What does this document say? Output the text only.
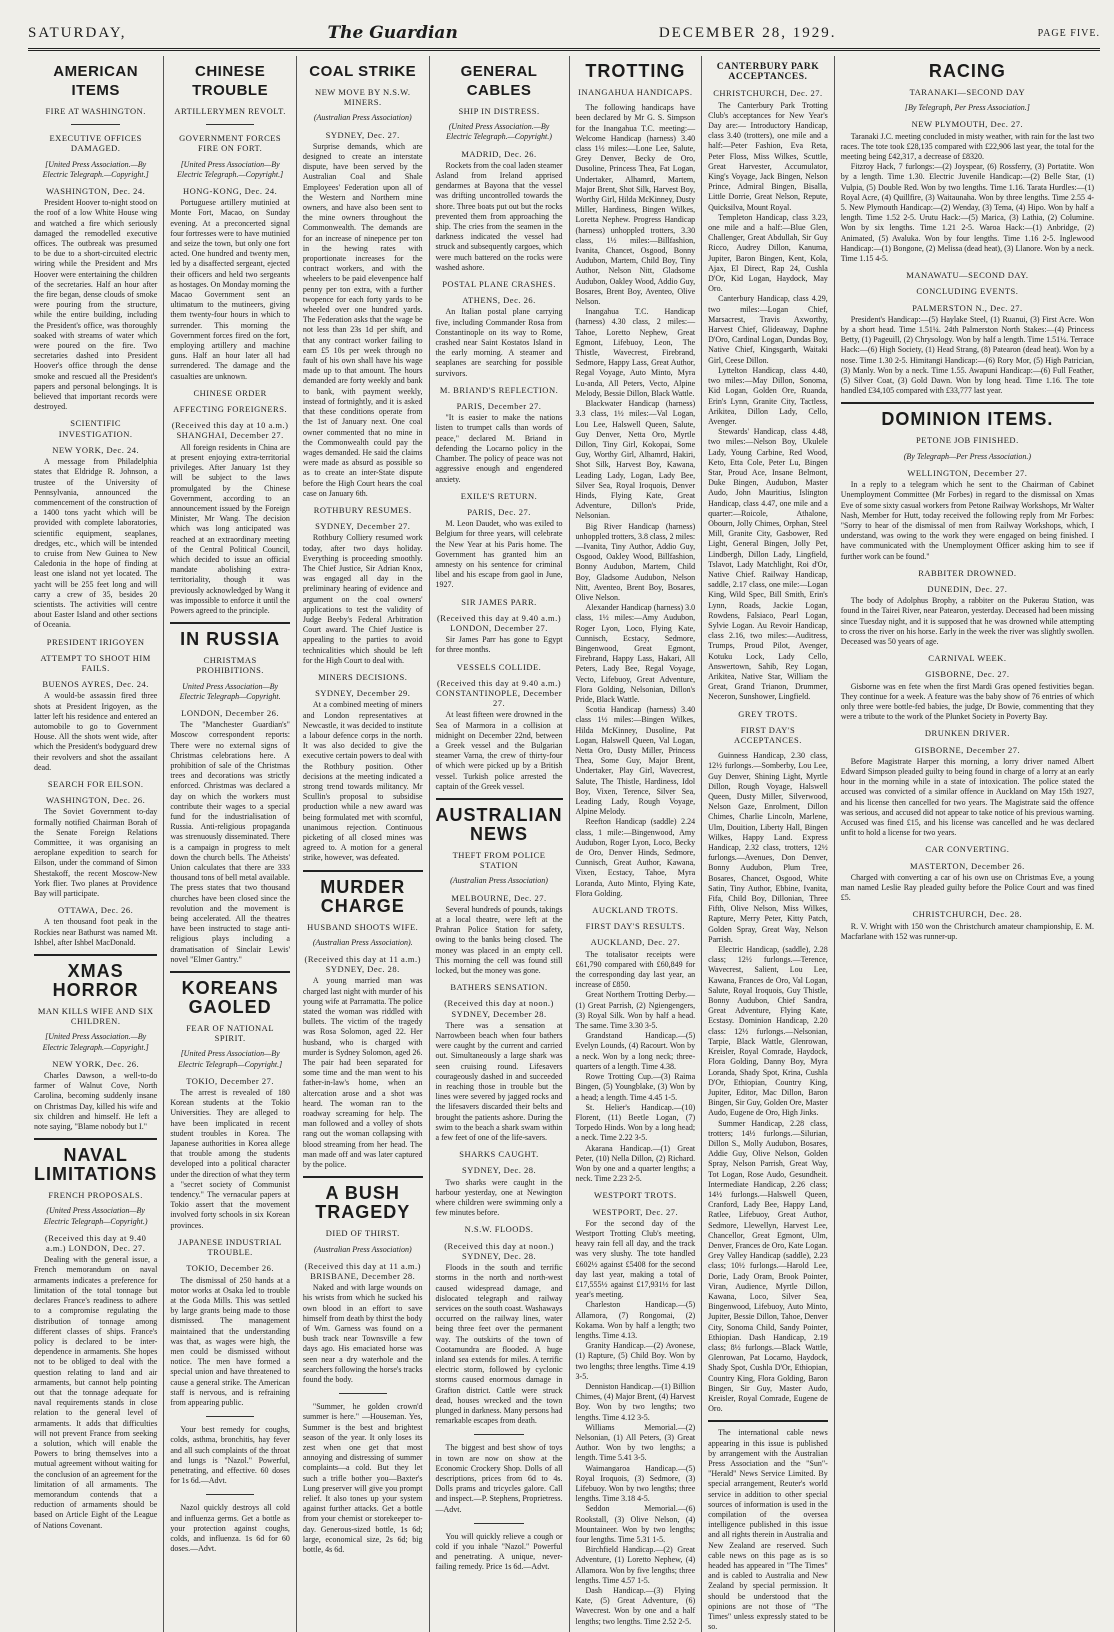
SATURDAY,	The Guardian	DECEMBER 28, 1929.	PAGE FIVE.
AMERICAN ITEMS
FIRE AT WASHINGTON.
EXECUTIVE OFFICES DAMAGED.
[United Press Association.—By Electric Telegraph.—Copyright.]
WASHINGTON, Dec. 24.

President Hoover to-night stood on the roof of a low White House wing and watched a fire which seriously damaged the remodelled executive offices. The outbreak was presumed to be due to a short-circuited electric wiring while the President and Mrs Hoover were entertaining the children of the secretaries. Half an hour after the fire began, dense clouds of smoke were pouring from the structure, while the entire building, including the President's office, was thoroughly soaked with streams of water which were poured on the fire. Two secretaries dashed into President Hoover's office through the dense smoke and rescued all the President's papers and personal belongings. It is believed that important records were destroyed.

SCIENTIFIC INVESTIGATION.
NEW YORK, Dec. 24.

A message from Philadelphia states that Eldridge R. Johnson, a trustee of the University of Pennsylvania, announced the commencement of the construction of a 1400 tons yacht which will be provided with complete laboratories, scientific equipment, seaplanes, dredges, etc., which will be intended to cruise from New Guinea to New Caledonia in the hope of finding at least one island not yet located. The yacht will be 255 feet long and will carry a crew of 35, besides 20 scientists. The activities will centre about Easter Island and other sections of Oceania.

PRESIDENT IRIGOYEN
ATTEMPT TO SHOOT HIM FAILS.
BUENOS AYRES, Dec. 24.

A would-be assassin fired three shots at President Irigoyen, as the latter left his residence and entered an automobile to go to Government House. All the shots went wide, after which the President's bodyguard drew their revolvers and shot the assailant dead.

SEARCH FOR EILSON.
WASHINGTON, Dec. 26.

The Soviet Government to-day formally notified Chairman Borah of the Senate Foreign Relations Committee, it was organising an aeroplane expedition to search for Eilson, under the command of Simon Shestakoff, the recent Moscow-New York flier. Two planes at Providence Bay will participate.

OTTAWA, Dec. 26.

A ten thousand foot peak in the Rockies near Bathurst was named Mt. Ishbel, after Ishbel MacDonald.

XMAS HORROR
MAN KILLS WIFE AND SIX CHILDREN.
[United Press Association.—By Electric Telegraph.—Copyright.]
NEW YORK, Dec. 26.

Charles Dawson, a well-to-do farmer of Walnut Cove, North Carolina, becoming suddenly insane on Christmas Day, killed his wife and six children and himself. He left a note saying, "Blame nobody but I."

NAVAL LIMITATIONS
FRENCH PROPOSALS.
(United Press Association—By Electric Telegraph—Copyright.)
(Received this day at 9.40 a.m.) LONDON, Dec. 27.

Dealing with the general issue, a French memorandum on naval armaments indicates a preference for limitation of the total tonnage but declares France's readiness to adhere to a compromise regulating the distribution of tonnage among different classes of ships. France's policy is declared to be inter-dependence in armaments. She hopes not to be obliged to deal with the question relating to land and air armaments, but cannot help pointing out that the tonnage adequate for naval requirements stands in close relation to the general level of armaments. It adds that difficulties will not prevent France from seeking a solution, which will enable the Powers to bring themselves into a mutual agreement without waiting for the conclusion of an agreement for the limitation of all armaments. The memorandum contends that a reduction of armaments should be based on Article Eight of the League of Nations Covenant.

CHINESE TROUBLE
ARTILLERYMEN REVOLT.
GOVERNMENT FORCES FIRE ON FORT.
[United Press Association—By Electric Telegraph.—Copyright.]
HONG-KONG, Dec. 24.

Portuguese artillery mutinied at Monte Fort, Macao, on Sunday evening. At a preconcerted signal four fortresses were to have mutinied and seize the town, but only one fort acted. One hundred and twenty men, led by a disaffected sergeant, ejected their officers and held two sergeants as hostages. On Monday morning the Macao Government sent an ultimatum to the mutineers, giving them twenty-four hours in which to surrender. This morning the Government forces fired on the fort, employing artillery and machine guns. Half an hour later all had surrendered. The damage and the casualties are unknown.

CHINESE ORDER
AFFECTING FOREIGNERS.
(Received this day at 10 a.m.) SHANGHAI, December 27.

All foreign residents in China are at present enjoying extra-territorial privileges. After January 1st they will be subject to the laws promulgated by the Chinese Government, according to an announcement issued by the Foreign Minister, Mr Wang. The decision which was long anticipated was reached at an extraordinary meeting of the Central Political Council, which decided to issue an official mandate abolishing extra-territoriality, though it was previously acknowledged by Wang it was impossible to enforce it until the Powers agreed to the principle.

IN RUSSIA
CHRISTMAS PROHIBITIONS.
United Press Association—By Electric Telegraph—Copyright.
LONDON, December 26.

The "Manchester Guardian's" Moscow correspondent reports: There were no external signs of Christmas celebrations here. A prohibition of sale of the Christmas trees and decorations was strictly enforced. Christmas was declared a day on which the workers must contribute their wages to a special fund for the industrialisation of Russia. Anti-religious propaganda was strenuously disseminated. There is a campaign in progress to melt down the church bells. The Atheists' Union calculates that there are 333 thousand tons of bell metal available. The press states that two thousand churches have been closed since the revolution and the movement is being accelerated. All the theatres have been instructed to stage anti-religious plays including a dramatisation of Sinclair Lewis' novel "Elmer Gantry."

KOREANS GAOLED
FEAR OF NATIONAL SPIRIT.
[United Press Association—By Electric Telegraph—Copyright.]
TOKIO, December 27.

The arrest is revealed of 180 Korean students at the Tokio Universities. They are alleged to have been implicated in recent student troubles in Korea. The Japanese authorities in Korea allege that trouble among the students developed into a political character under the direction of what they term a "secret society of Communist tendency." The vernacular papers at Tokio assert that the movement involved forty schools in six Korean provinces.

JAPANESE INDUSTRIAL TROUBLE.
TOKIO, December 26.

The dismissal of 250 hands at a motor works at Osaka led to trouble at the Goda Mills. This was settled by large grants being made to those dismissed. The management maintained that the understanding was that, as wages were high, the men could be dismissed without notice. The men have formed a special union and have threatened to cause a general strike. The American staff is nervous, and is refraining from appearing public.

Your best remedy for coughs, colds, asthma, bronchitis, hay fever and all such complaints of the throat and lungs is "Nazol." Powerful, penetrating, and effective. 60 doses for 1s 6d.—Advt.

Nazol quickly destroys all cold and influenza germs. Get a bottle as your protection against coughs, colds, and influenza. 1s 6d for 60 doses.—Advt.

COAL STRIKE
NEW MOVE BY N.S.W. MINERS.
(Australian Press Association)
SYDNEY, Dec. 27.

Surprise demands, which are designed to create an interstate dispute, have been served by the Australian Coal and Shale Employees' Federation upon all of the Western and Northern mine owners, and have also been sent to the mine owners throughout the Commonwealth. The demands are for an increase of ninepence per ton in the hewing rates with proportionate increases for the contract workers, and with the wheelers to be paid elevenpence half penny per ton extra, with a further twopence for each forty yards to be wheeled over one hundred yards. The Federation asks that the wage be not less than 23s 1d per shift, and that any contract worker failing to earn £5 10s per week through no fault of his own shall have his wage made up to that amount. The hours demanded are forty weekly and bank to bank, with payment weekly, instead of fortnightly, and it is asked that these conditions operate from the 1st of January next. One coal owner commented that no mine in the Commonwealth could pay the wages demanded. He said the claims were made as absurd as possible so as to create an inter-State dispute before the High Court hears the coal case on January 6th.

ROTHBURY RESUMES.
SYDNEY, December 27.

Rothbury Colliery resumed work today, after two days holiday. Everything is proceeding smoothly. The Chief Justice, Sir Adrian Knox, was engaged all day in the preliminary hearing of evidence and argument on the coal owners' applications to test the validity of Judge Beeby's Federal Arbitration Court award. The Chief Justice is appealing to the parties to avoid technicalities which should be left for the High Court to deal with.

MINERS DECISIONS.
SYDNEY, December 29.

At a combined meeting of miners and London representatives at Newcastle, it was decided to institute a labour defence corps in the north. It was also decided to give the executive certain powers to deal with the Rothbury position. Other decisions at the meeting indicated a strong trend towards militancy. Mr Scullin's proposal to subsidise production while a new award was being formulated met with scornful, unanimous rejection. Continuous picketing of all closed mines was agreed to. A motion for a general strike, however, was defeated.

MURDER CHARGE
HUSBAND SHOOTS WIFE.
(Australian Press Association).
(Received this day at 11 a.m.) SYDNEY, Dec. 28.

A young married man was charged last night with murder of his young wife at Parramatta. The police stated the woman was riddled with bullets. The victim of the tragedy was Rosa Solomon, aged 22. Her husband, who is charged with murder is Sydney Solomon, aged 26. The pair had been separated for some time and the man went to his father-in-law's home, when an altercation arose and a shot was heard. The woman ran to the roadway screaming for help. The man followed and a volley of shots rang out the woman collapsing with blood streaming from her head. The man made off and was later captured by the police.

A BUSH TRAGEDY
DIED OF THIRST.
(Australian Press Association)
(Received this day at 11 a.m.) BRISBANE, December 28.

Naked and with large wounds on his wrists from which he sucked his own blood in an effort to save himself from death by thirst the body of Wm. Garness was found on a bush track near Townsville a few days ago. His emaciated horse was seen near a dry waterhole and the searchers following the horse's tracks found the body.

"Summer, he golden crown'd summer is here." —Houseman. Yes, Summer is the best and brightest season of the year. It only loses its zest when one get that most annoying and distressing of summer complaints—a cold. But they let such a trifle bother you—Baxter's Lung preserver will give you prompt relief. It also tones up your system against further attacks. Get a bottle from your chemist or storekeeper to-day. Generous-sized bottle, 1s 6d; large, economical size, 2s 6d; big bottle, 4s 6d.

GENERAL CABLES
SHIP IN DISTRESS.
(United Press Association.—By Electric Telegraph.—Copyright.)
MADRID, Dec. 26.

Rockets from the coal laden steamer Asland from Ireland apprised gendarmes at Bayona that the vessel was drifting uncontrolled towards the shore. Three boats put out but the rocks prevented them from approaching the ship. The cries from the seamen in the darkness indicated the vessel had struck and subsequently cargoes, which were much battered on the rocks were washed ashore.

POSTAL PLANE CRASHES.
ATHENS, Dec. 26.

An Italian postal plane carrying five, including Commander Rosa from Constantinople on its way to Rome, crashed near Saint Kostatos Island in the early morning. A steamer and seaplanes are searching for possible survivors.

M. BRIAND'S REFLECTION.
PARIS, December 27.

"It is easier to make the nations listen to trumpet calls than words of peace," declared M. Briand in defending the Locarno policy in the Chamber. The policy of peace was not aggressive enough and engendered anxiety.

EXILE'S RETURN.
PARIS, Dec. 27.

M. Leon Daudet, who was exiled to Belgium for three years, will celebrate the New Year at his Paris home. The Government has granted him an amnesty on his sentence for criminal libel and his escape from gaol in June, 1927.

SIR JAMES PARR.
(Received this day at 9.40 a.m.) LONDON, December 27.

Sir James Parr has gone to Egypt for three months.

VESSELS COLLIDE.
(Received this day at 9.40 a.m.) CONSTANTINOPLE, December 27.

At least fifteen were drowned in the Sea of Marmora in a collision at midnight on December 22nd, between a Greek vessel and the Bulgarian steamer Varna, the crew of thirty-four of which were picked up by a British vessel. Turkish police arrested the captain of the Greek vessel.

AUSTRALIAN NEWS
THEFT FROM POLICE STATION
(Australian Press Association)
MELBOURNE, Dec. 27.

Several hundreds of pounds, takings at a local theatre, were left at the Prahran Police Station for safety, owing to the banks being closed. The money was placed in an empty cell. This morning the cell was found still locked, but the money was gone.

BATHERS SENSATION.
(Received this day at noon.) SYDNEY, December 28.

There was a sensation at Narrowbeen beach when four bathers were caught by the current and carried out. Simultaneously a large shark was seen cruising round. Lifesavers courageously dashed in and succeeded in reaching those in trouble but the lines were severed by jagged rocks and the lifesavers discarded their belts and brought the patients ashore. During the swim to the beach a shark swam within a few feet of one of the life-savers.

SHARKS CAUGHT.
SYDNEY, Dec. 28.

Two sharks were caught in the harbour yesterday, one at Newington where children were swimming only a few minutes before.

N.S.W. FLOODS.
(Received this day at noon.) SYDNEY, Dec. 28.

Floods in the south and terrific storms in the north and north-west caused widespread damage, and dislocated telegraph and railway services on the south coast. Washaways occurred on the railway lines, water being three feet over the permanent way. The outskirts of the town of Cootamundra are flooded. A huge inland sea extends for miles. A terrific electric storm, followed by cyclonic storms caused enormous damage in Grafton district. Cattle were struck dead, houses wrecked and the town plunged in darkness. Many persons had remarkable escapes from death.

The biggest and best show of toys in town are now on show at the Economic Crockery Shop. Dolls of all descriptions, prices from 6d to 4s. Dolls prams and tricycles galore. Call and inspect.—P. Stephens, Proprietress.—Advt.

You will quickly relieve a cough or cold if you inhale "Nazol." Powerful and penetrating. A unique, never-failing remedy. Price 1s 6d.—Advt.

TROTTING
INANGAHUA HANDICAPS.

The following handicaps have been declared by Mr G. S. Simpson for the Inangahua T.C. meeting:— Welcome Handicap (harness) 3.40 class 1½ miles:—Lone Lee, Salute, Grey Denver, Becky de Oro, Dusoline, Princess Thea, Fat Logan, Undertaker, Alhamrd, Martem, Major Brent, Shot Silk, Harvest Boy, Worthy Girl, Hilda McKinney, Dusty Miller, Hardiness, Bingen Wilkes, Loretta Nephew. Progress Handicap (harness) unhoppled trotters, 3.30 class, 1½ miles:—Billfashion, Ivanita, Chancet, Osgood, Bonny Audubon, Martem, Child Boy, Tiny Author, Nelson Nitt, Gladsome Audubon, Oakley Wood, Addio Guy, Bosares, Brent Boy, Aventeo, Olive Nelson.

Inangahua T.C. Handicap (harness) 4.30 class, 2 miles:—Tahoe, Loretto Nephew, Great Egmont, Lifebuoy, Leon, The Thistle, Wavecrest, Firebrand, Sedmore, Happy Lass, Great Author, Regal Voyage, Auto Minto, Myra Lu-anda, All Peters, Vecto, Alpine Melody, Bessie Dillon, Black Wattle.

Blackwater Handicap (harness) 3.3 class, 1½ miles:—Val Logan, Lou Lee, Halswell Queen, Salute, Guy Denver, Netta Oro, Myrtle Dillon, Tiny Girl, Kokopai, Some Guy, Worthy Girl, Alhamrd, Hakiri, Shot Silk, Harvest Boy, Kawana, Leading Lady, Logan, Lady Bee, Silver Sea, Royal Iroquois, Denver Hinds, Flying Kate, Great Adventure, Dillon's Pride, Nelsonian.

Big River Handicap (harness) unhoppled trotters, 3.8 class, 2 miles:—Ivanita, Tiny Author, Addio Guy, Osgood, Oakley Wood, Billfashion, Bonny Audubon, Martem, Child Boy, Gladsome Audubon, Nelson Nitt, Aventeo, Brent Boy, Bosares, Olive Nelson.

Alexander Handicap (harness) 3.0 class, 1½ miles:—Amy Audubon, Roger Lyon, Loco, Flying Kate, Cunnisch, Ecstacy, Sedmore, Bingenwood, Great Egmont, Firebrand, Happy Lass, Hakari, All Peters, Lady Bee, Regal Voyage, Vecto, Lifebuoy, Great Adventure, Flora Golding, Nelsonian, Dillon's Pride, Black Wattle.

Scotia Handicap (harness) 3.40 class 1½ miles:—Bingen Wilkes, Hilda McKinney, Dusoline, Pat Logan, Halswell Queen, Val Logan, Netta Oro, Dusty Miller, Princess Thea, Some Guy, Major Brent, Undertaker, Play Girl, Wavecrest, Salute, The Thistle, Hardiness, Idol Boy, Vixen, Terence, Silver Sea, Leading Lady, Rough Voyage, Alpine Melody.

Reefton Handicap (saddle) 2.24 class, 1 mile:—Bingenwood, Amy Audubon, Roger Lyon, Loco, Becky de Oro, Denver Hinds, Sedmore, Cunnisch, Great Author, Kawana, Vixen, Ecstacy, Tahoe, Myra Loranda, Auto Minto, Flying Kate, Flora Golding.

AUCKLAND TROTS.
FIRST DAY'S RESULTS.
AUCKLAND, Dec. 27.

The totalisator receipts were £61,790 compared with £60,849 for the corresponding day last year, an increase of £850.

Great Northern Trotting Derby.—(1) Great Parrish, (2) Ngiengengers, (3) Royal Silk. Won by half a head. The same. Time 3.30 3-5.

Grandstand Handicap.—(5) Evelyn Lounds, (4) Racourt. Won by a neck. Won by a long neck; three-quarters of a length. Time 4.38.

Rowe Trotting Cup.—(3) Raima Bingen, (5) Youngblake, (3) Won by a head; a length. Time 4.45 1-5.

St. Helier's Handicap.—(10) Florent, (11) Beetle Logan, (7) Torpedo Hinds. Won by a long head; a neck. Time 2.22 3-5.

Akarana Handicap.—(1) Great Peter, (10) Nella Dillon, (2) Richard. Won by one and a quarter lengths; a neck. Time 2.23 2-5.

WESTPORT TROTS.
WESTPORT, Dec. 27.

For the second day of the Westport Trotting Club's meeting, heavy rain fell all day, and the track was very slushy. The tote handled £602½ against £5408 for the second day last year, making a total of £17,555½ against £17,931½ for last year's meeting.

Charleston Handicap.—(5) Allamora, (7) Rongomai, (2) Kokama. Won by half a length; two lengths. Time 4.13.

Granity Handicap.—(2) Avonese, (1) Rapture, (5) Child Boy. Won by two lengths; three lengths. Time 4.19 3-5.

Denniston Handicap.—(1) Billion Chimes, (4) Major Brent, (4) Harvest Boy. Won by two lengths; two lengths. Time 4.12 3-5.

Williams Memorial.—(2) Nelsonian, (1) All Peters, (3) Great Author. Won by two lengths; a length. Time 5.41 3-5.

Waimangaroa Handicap.—(5) Royal Iroquois, (3) Sedmore, (3) Lifebuoy. Won by two lengths; three lengths. Time 3.18 4-5.

Seddon Memorial.—(6) Rookstall, (3) Olive Nelson, (4) Mountaineer. Won by two lengths; four lengths. Time 5.31 1-5.

Birchfield Handicap.—(2) Great Adventure, (1) Loretto Nephew, (4) Allamora. Won by five lengths; three lengths. Time 4.57 1-5.

Dash Handicap.—(3) Flying Kate, (5) Great Adventure, (6) Wavecrest. Won by one and a half lengths; two lengths. Time 2.52 2-5.

CANTERBURY PARK ACCEPTANCES.
CHRISTCHURCH, Dec. 27.

The Canterbury Park Trotting Club's acceptances for New Year's Day are:— Introductory Handicap, class 3.40 (trotters), one mile and a half:—Peter Fashion, Eva Reta, Peter Floss, Miss Wilkes, Scuttle, Great Harvester, Accumulator, King's Voyage, Jack Bingen, Nelson Prince, Admiral Bingen, Bisalla, Little Dorrie, Great Nelson, Repute, Quicksilva, Mount Royal.

Templeton Handicap, class 3.23, one mile and a half:—Blue Glen, Challenger, Great Abdullah, Sir Guy Ricco, Audrey Dillon, Kanuma, Jupiter, Baron Bingen, Kent, Kola, Ajax, El Direct, Rap 24, Cushla D'Or, Kid Logan, Haydock, May Oro.

Canterbury Handicap, class 4.29, two miles:—Logan Chief, Marsacrest, Travis Axworthy, Harvest Chief, Glideaway, Daphne D'Oro, Cardinal Logan, Dundas Boy, Native Chief, Kingsgarth, Waitaki Girl, Ceese Dillon.

Lyttelton Handicap, class 4.40, two miles:—May Dillon, Sonoma, Kid Logan, Golden Ore, Ruanda, Erin's Lynn, Granite City, Tactless, Arikitea, Dillon Lady, Cello, Avenger.

Stewards' Handicap, class 4.48, two miles:—Nelson Boy, Ukulele Lady, Young Carbine, Red Wood, Keto, Etta Cole, Peter Lu, Bingen Star, Proud Ace, Insane Belmont, Duke Bingen, Audubon, Master Audo, John Mauritius, Islington Handicap, class 4.47, one mile and a quarter:—Roicole, Athalone, Obourn, Jolly Chimes, Orphan, Steel Mill, Granite City, Gasbower, Red Light, General Bingen, Jolly Pet, Lindbergh, Dillon Lady, Lingfield, Tslavot, Lady Matchlight, Roi d'Or, Native Chief. Railway Handicap, saddle, 2.17 class, one mile:—Logan King, Wild Spec, Bill Smith, Erin's Lynn, Roads, Jackie Logan, Rowdens, Falsiaco, Pearl Logan, Sylvie Logan. Au Revoir Handicap, class 2.16, two miles:—Auditress, Trumps, Proud Pilot, Avenger, Kotuku Lock, Lady Cello, Answertown, Sahib, Rey Logan, Arikitea, Native Star, William the Great, Grand Trianon, Drummer, Neceron, Sunshower, Lingfield.

GREY TROTS.
FIRST DAY'S ACCEPTANCES.

Guinness Handicap, 2.30 class, 12½ furlongs.—Somberby, Lou Lee, Guy Denver, Shining Light, Myrtle Dillon, Rough Voyage, Halswell Queen, Dusty Miller, Silverwood, Nelson Gaze, Enrolment, Dillon Chimes, Charlie Lincoln, Marlene, Ulm, Douition, Liberty Hall, Bingen Wilkes, Happy Land. Express Handicap, 2.32 class, trotters, 12½ furlongs.—Avenues, Don Denver, Bonny Audubon, Plum Tree, Bosares, Chancet, Osgood, White Satin, Tiny Author, Ebbine, Ivanita, Fifa, Child Boy, Dillonian, Three Fifth, Olive Nelson, Miss Wilkes, Rapture, Merry Peter, Kitty Patch, Golden Spray, Great Way, Nelson Parrish.

Electric Handicap, (saddle), 2.28 class; 12½ furlongs.—Terence, Wavecrest, Salient, Lou Lee, Kawana, Frances de Oro, Val Logan, Salute, Royal Iroquois, Guy Thistle, Bonny Audubon, Chief Sandra, Great Adventure, Flying Kate, Ecstasy. Dominion Handicap, 2.20 class: 12½ furlongs.—Nelsonian, Tarpie, Black Wattle, Glenrowan, Kreisler, Royal Comrade, Haydock, Flora Golding, Danny Boy, Myra Loranda, Shady Spot, Krina, Cushla D'Or, Ethiopian, Country King, Jupiter, Editor, Mac Dillon, Baron Bingen, Sir Guy, Golden Ore, Master Audo, Eugene de Oro, High Jinks.

Summer Handicap, 2.28 class, trotters; 14½ furlongs.—Silurian, Dillon S., Molly Audubon, Bosares, Addie Guy, Olive Nelson, Golden Spray, Nelson Parrish, Great Way, Tot Logan, Rose Audo, Gesundheit. Intermediate Handicap, 2.26 class; 14½ furlongs.—Halswell Queen, Cranford, Lady Bee, Happy Land, Ratlee, Lifebuoy, Great Author, Sedmore, Llewellyn, Harvest Lee, Chancellor, Great Egmont, Ulm, Denver, Frances de Oro, Kate Logan. Grey Valley Handicap (saddle), 2.23 class; 10½ furlongs.—Harold Lee, Dorie, Lady Oram, Brook Pointer, Viran, Audience, Myrtle Dillon, Kawana, Loco, Silver Sea, Bingenwood, Lifebuoy, Auto Minto, Jupiter, Bessie Dillon, Tahoe, Denver City, Sonoma Child, Sandy Pointer, Ethiopian. Dash Handicap, 2.19 class; 8½ furlongs.—Black Wattle, Glenrowan, Pat Locarno, Haydock, Shady Spot, Cushla D'Or, Ethiopian, Country King, Flora Golding, Baron Bingen, Sir Guy, Master Audo, Kreisler, Royal Comrade, Eugene de Oro.

The international cable news appearing in this issue is published by arrangement with the Australian Press Association and the "Sun"-"Herald" News Service Limited. By special arrangement, Reuter's world service in addition to other special sources of information is used in the compilation of the oversea intelligence published in this issue and all rights therein in Australia and New Zealand are reserved. Such cable news on this page as is so headed has appeared in "The Times" and is cabled to Australia and New Zealand by special permission. It should be understood that the opinions are not those of "The Times" unless expressly stated to be so.

RACING
TARANAKI—SECOND DAY
[By Telegraph, Per Press Association.]
NEW PLYMOUTH, Dec. 27.

Taranaki J.C. meeting concluded in misty weather, with rain for the last two races. The tote took £28,135 compared with £22,906 last year, the total for the meeting being £42,317, a decrease of £8320.

Fitzroy Hack, 7 furlongs:—(2) Joyspear, (6) Rossferry, (3) Portatite. Won by a length. Time 1.30. Electric Juvenile Handicap:—(2) Belle Star, (1) Vulpia, (5) Double Red. Won by two lengths. Time 1.16. Tarata Hurdles:—(1) Royal Acre, (4) Quillfire, (3) Waitaunaha. Won by three lengths. Time 2.55 4-5. New Plymouth Handicap:—(2) Wenday, (3) Tema, (4) Hipo. Won by half a length. Time 1.52 2-5. Urutu Hack:—(5) Marica, (3) Lathia, (2) Columine. Won by six lengths. Time 1.21 2-5. Waroa Hack:—(1) Anbridge, (2) Animated, (5) Avaluka. Won by four lengths. Time 1.16 2-5. Inglewood Handicap:—(1) Bongone, (2) Melissa (dead heat), (3) Llanore. Won by a neck. Time 1.15 4-5.

MANAWATU—SECOND DAY.
CONCLUDING EVENTS.
PALMERSTON N., Dec. 27.

President's Handicap:—(5) Haylake Steel, (1) Ruanui, (3) First Acre. Won by a short head. Time 1.51¼. 24th Palmerston North Stakes:—(4) Princess Betty, (1) Pageuill, (2) Chrysology. Won by half a length. Time 1.51¼. Terrace Hack:—(6) High Society, (1) Head Strang, (8) Patearon (dead heat). Won by a nose. Time 1.30 2-5. Himitangi Handicap:—(6) Rory Mor, (5) High Patrician, (3) Manly. Won by a neck. Time 1.55. Awapuni Handicap:—(6) Full Feather, (5) Silver Coat, (3) Gold Dawn. Won by long head. Time 1.16. The tote handled £34,105 compared with £33,777 last year.

DOMINION ITEMS.
PETONE JOB FINISHED.
(By Telegraph—Per Press Association.)
WELLINGTON, December 27.

In a reply to a telegram which he sent to the Chairman of Cabinet Unemployment Committee (Mr Forbes) in regard to the dismissal on Xmas Eve of some sixty casual workers from Petone Railway Workshops, Mr Walter Nash, Member for Hutt, today received the following reply from Mr Forbes: "Sorry to hear of the dismissal of men from Railway Workshops, which, I understand, was owing to the work they were engaged on being finished. I have communicated with the Unemployment Officer asking him to see if further work can be found."

RABBITER DROWNED.
DUNEDIN, Dec. 27.

The body of Adolphus Brophy, a rabbiter on the Pukerau Station, was found in the Tairei River, near Patearon, yesterday. Deceased had been missing since Tuesday night, and it is supposed that he was drowned while attempting to cross the river on his horse. Early in the week the river was slightly swollen. Deceased was 50 years of age.

CARNIVAL WEEK.
GISBORNE, Dec. 27.

Gisborne was en fete when the first Mardi Gras opened festivities began. They continue for a week. A feature was the baby show of 76 entries of which only three were bottle-fed babies, the judge, Dr Bowie, commenting that they were a tribute to the work of the Plunket Society in Poverty Bay.

DRUNKEN DRIVER.
GISBORNE, December 27.

Before Magistrate Harper this morning, a lorry driver named Albert Edward Simpson pleaded guilty to being found in charge of a lorry at an early hour in the morning while in a state of intoxication. The police stated the accused was convicted of a similar offence in Auckland on May 15th 1927, and his license then cancelled for two years. The Magistrate said the offence was serious, and accused did not appear to take notice of his previous warning. Accused was fined £15, and his license was cancelled and he was declared unfit to hold a license for two years.

CAR CONVERTING.
MASTERTON, December 26.

Charged with converting a car of his own use on Christmas Eve, a young man named Leslie Ray pleaded guilty before the Police Court and was fined £5.

CHRISTCHURCH, Dec. 28.

R. V. Wright with 150 won the Christchurch amateur championship, E. M. Macfarlane with 152 was runner-up.
